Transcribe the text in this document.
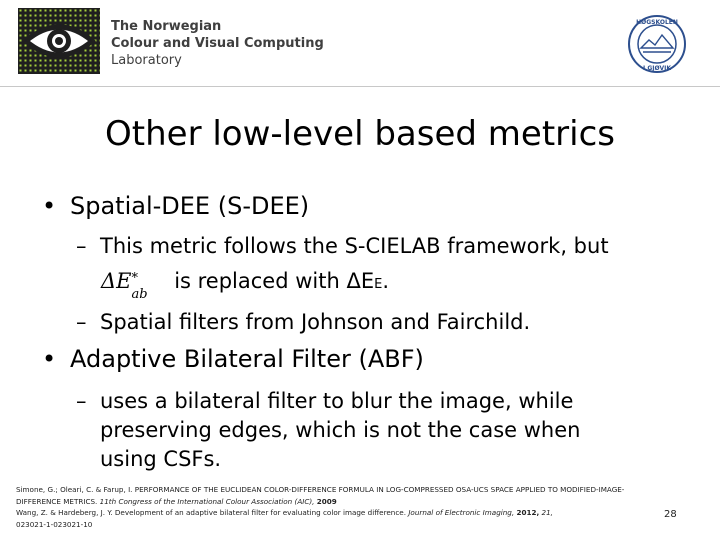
The Norwegian
Colour and Visual Computing
Laboratory
HØGSKOLEN
I GJØVIK
Other low-level based metrics
• Spatial-DEE (S-DEE)
– This metric follows the S-CIELAB framework, but
ΔE *
ab
is replaced with ΔEE.
– Spatial filters from Johnson and Fairchild.
• Adaptive Bilateral Filter (ABF)
– uses a bilateral filter to blur the image, while
preserving edges, which is not the case when
using CSFs.
Simone, G.; Oleari, C. & Farup, I. PERFORMANCE OF THE EUCLIDEAN COLOR-DIFFERENCE FORMULA IN LOG-COMPRESSED OSA-UCS SPACE APPLIED TO MODIFIED-IMAGE-DIFFERENCE METRICS. 11th Congress of the International Colour Association (AIC), 2009
Wang, Z. & Hardeberg, J. Y. Development of an adaptive bilateral filter for evaluating color image difference. Journal of Electronic Imaging, 2012, 21,
023021-1-023021-10
28
